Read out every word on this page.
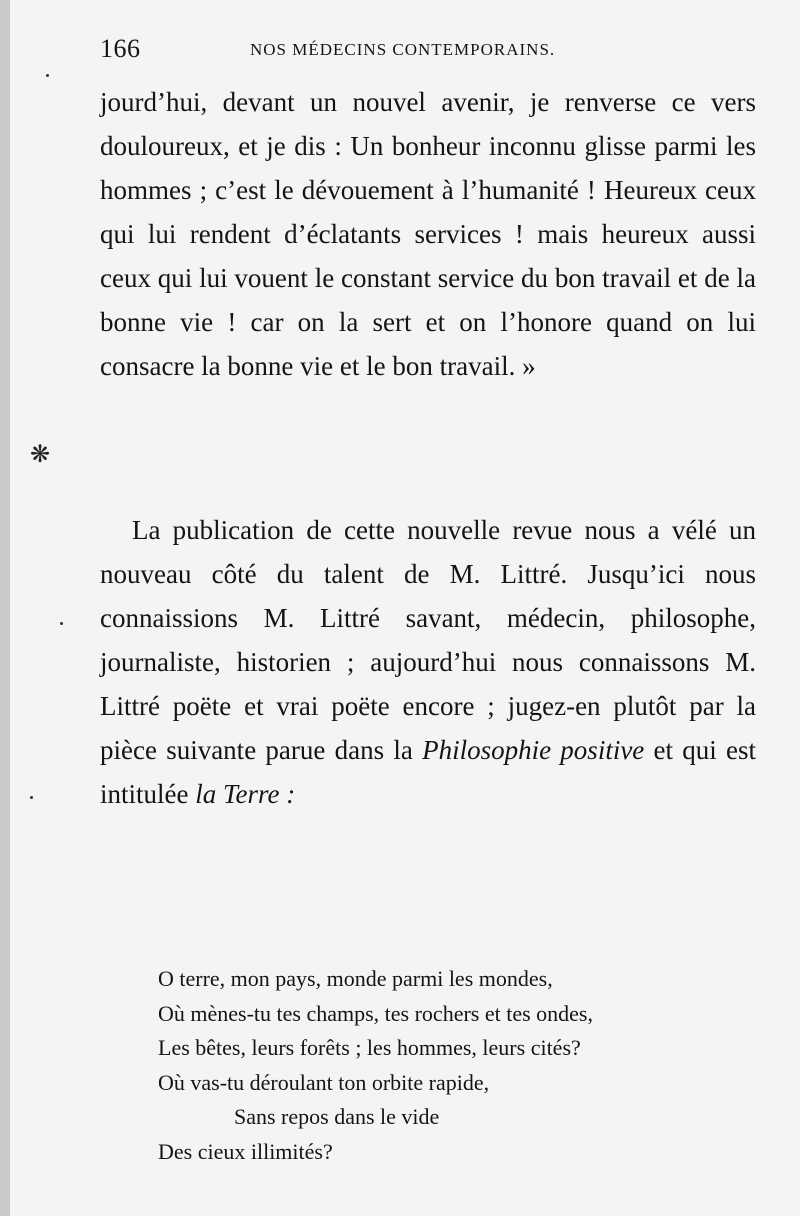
166	NOS MÉDECINS CONTEMPORAINS.

jourd’hui, devant un nouvel avenir, je renverse ce vers douloureux, et je dis : Un bonheur inconnu glisse parmi les hommes ; c’est le dévouement à l’humanité ! Heureux ceux qui lui rendent d’éclatants services ! mais heureux aussi ceux qui lui vouent le constant service du bon travail et de la bonne vie ! car on la sert et on l’honore quand on lui consacre la bonne vie et le bon travail. »

❋

La publication de cette nouvelle revue nous a vélé un nouveau côté du talent de M. Littré. Jusqu’ici nous connaissions M. Littré savant, médecin, philosophe, journaliste, historien ; aujourd’hui nous connaissons M. Littré poëte et vrai poëte encore ; jugez-en plutôt par la pièce suivante parue dans la Philosophie positive et qui est intitulée la Terre :

O terre, mon pays, monde parmi les mondes,
Où mènes-tu tes champs, tes rochers et tes ondes,
Les bêtes, leurs forêts ; les hommes, leurs cités?
Où vas-tu déroulant ton orbite rapide,
Sans repos dans le vide
Des cieux illimités?
